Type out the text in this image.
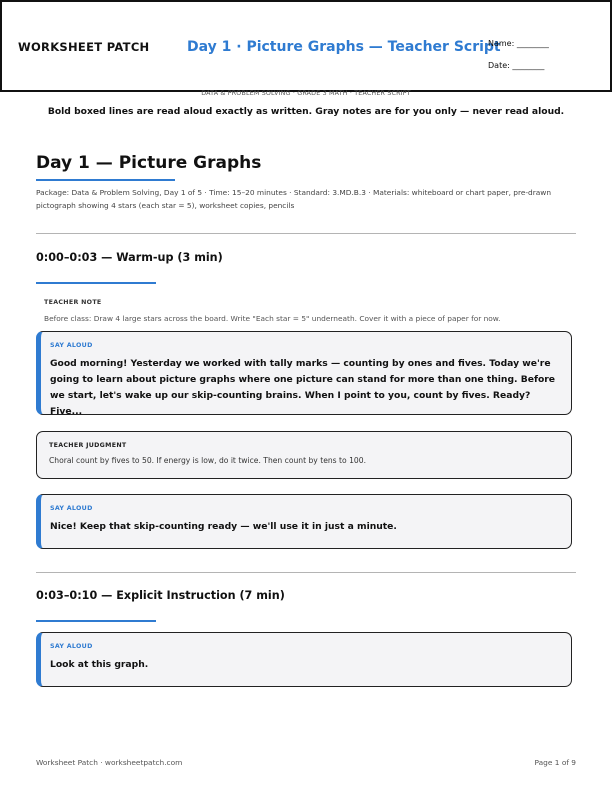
WORKSHEET PATCH	Day 1 · Picture Graphs — Teacher Script
Name: ________
Date: ________
DATA & PROBLEM SOLVING · GRADE 3 MATH · TEACHER SCRIPT
Bold boxed lines are read aloud exactly as written. Gray notes are for you only — never read aloud.
Day 1 — Picture Graphs
Package: Data & Problem Solving, Day 1 of 5 · Time: 15–20 minutes · Standard: 3.MD.B.3 · Materials: whiteboard or chart paper, pre-drawn pictograph showing 4 stars (each star = 5), worksheet copies, pencils
0:00–0:03 — Warm-up (3 min)
TEACHER NOTE
Before class: Draw 4 large stars across the board. Write "Each star = 5" underneath. Cover it with a piece of paper for now.
SAY ALOUD
Good morning! Yesterday we worked with tally marks — counting by ones and fives. Today we're going to learn about picture graphs where one picture can stand for more than one thing. Before we start, let's wake up our skip-counting brains. When I point to you, count by fives. Ready? Five...
TEACHER JUDGMENT
Choral count by fives to 50. If energy is low, do it twice. Then count by tens to 100.
SAY ALOUD
Nice! Keep that skip-counting ready — we'll use it in just a minute.
0:03–0:10 — Explicit Instruction (7 min)
SAY ALOUD
Look at this graph.
Worksheet Patch · worksheetpatch.com	Page 1 of 9
